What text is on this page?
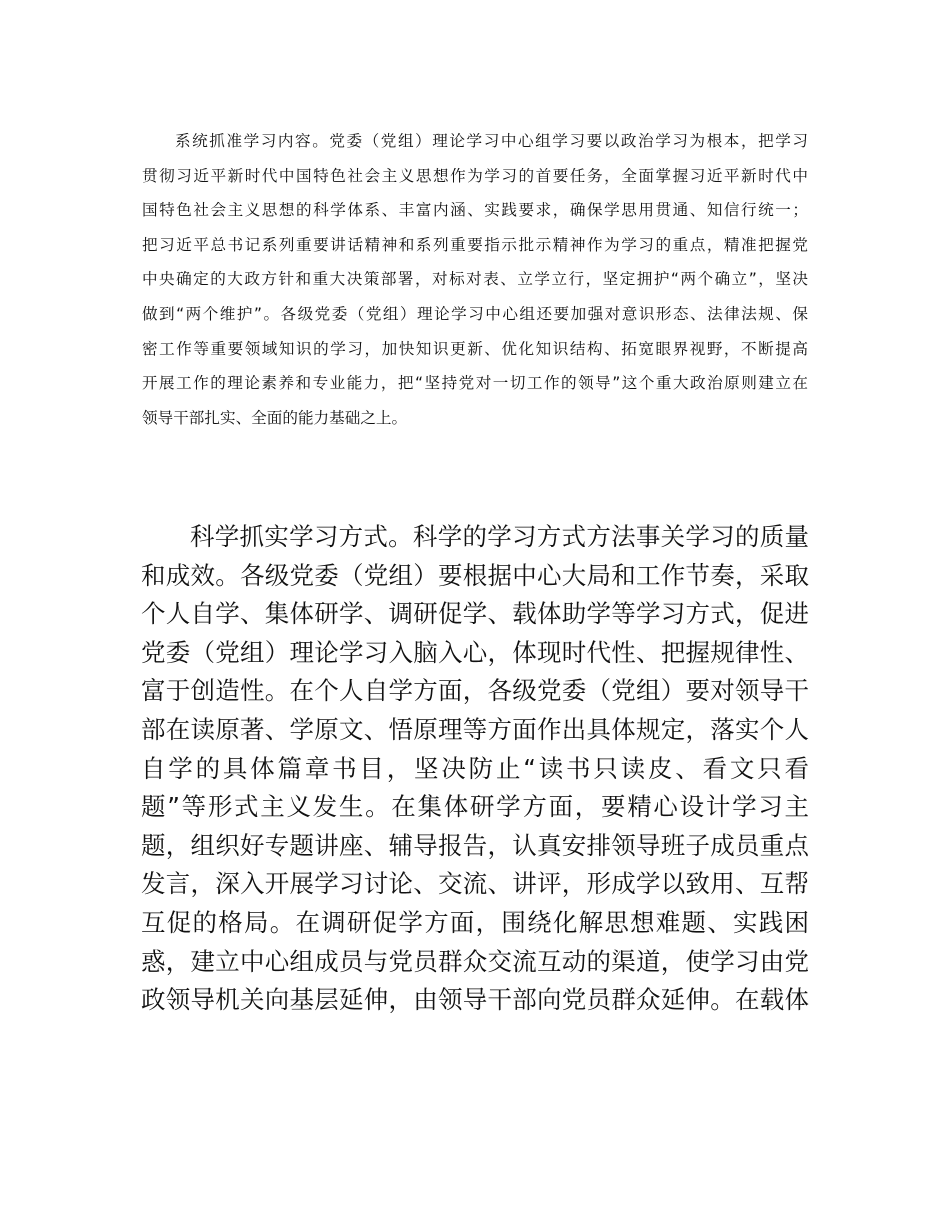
系统抓准学习内容。党委（党组）理论学习中心组学习要以政治学习为根本，把学习
贯彻习近平新时代中国特色社会主义思想作为学习的首要任务，全面掌握习近平新时代中
国特色社会主义思想的科学体系、丰富内涵、实践要求，确保学思用贯通、知信行统一；
把习近平总书记系列重要讲话精神和系列重要指示批示精神作为学习的重点，精准把握党
中央确定的大政方针和重大决策部署，对标对表、立学立行，坚定拥护“两个确立”，坚决
做到“两个维护”。各级党委（党组）理论学习中心组还要加强对意识形态、法律法规、保
密工作等重要领域知识的学习，加快知识更新、优化知识结构、拓宽眼界视野，不断提高
开展工作的理论素养和专业能力，把“坚持党对一切工作的领导”这个重大政治原则建立在
领导干部扎实、全面的能力基础之上。
科学抓实学习方式。科学的学习方式方法事关学习的质量
和成效。各级党委（党组）要根据中心大局和工作节奏，采取
个人自学、集体研学、调研促学、载体助学等学习方式，促进
党委（党组）理论学习入脑入心，体现时代性、把握规律性、
富于创造性。在个人自学方面，各级党委（党组）要对领导干
部在读原著、学原文、悟原理等方面作出具体规定，落实个人
自学的具体篇章书目，坚决防止“读书只读皮、看文只看
题”等形式主义发生。在集体研学方面，要精心设计学习主
题，组织好专题讲座、辅导报告，认真安排领导班子成员重点
发言，深入开展学习讨论、交流、讲评，形成学以致用、互帮
互促的格局。在调研促学方面，围绕化解思想难题、实践困
惑，建立中心组成员与党员群众交流互动的渠道，使学习由党
政领导机关向基层延伸，由领导干部向党员群众延伸。在载体
